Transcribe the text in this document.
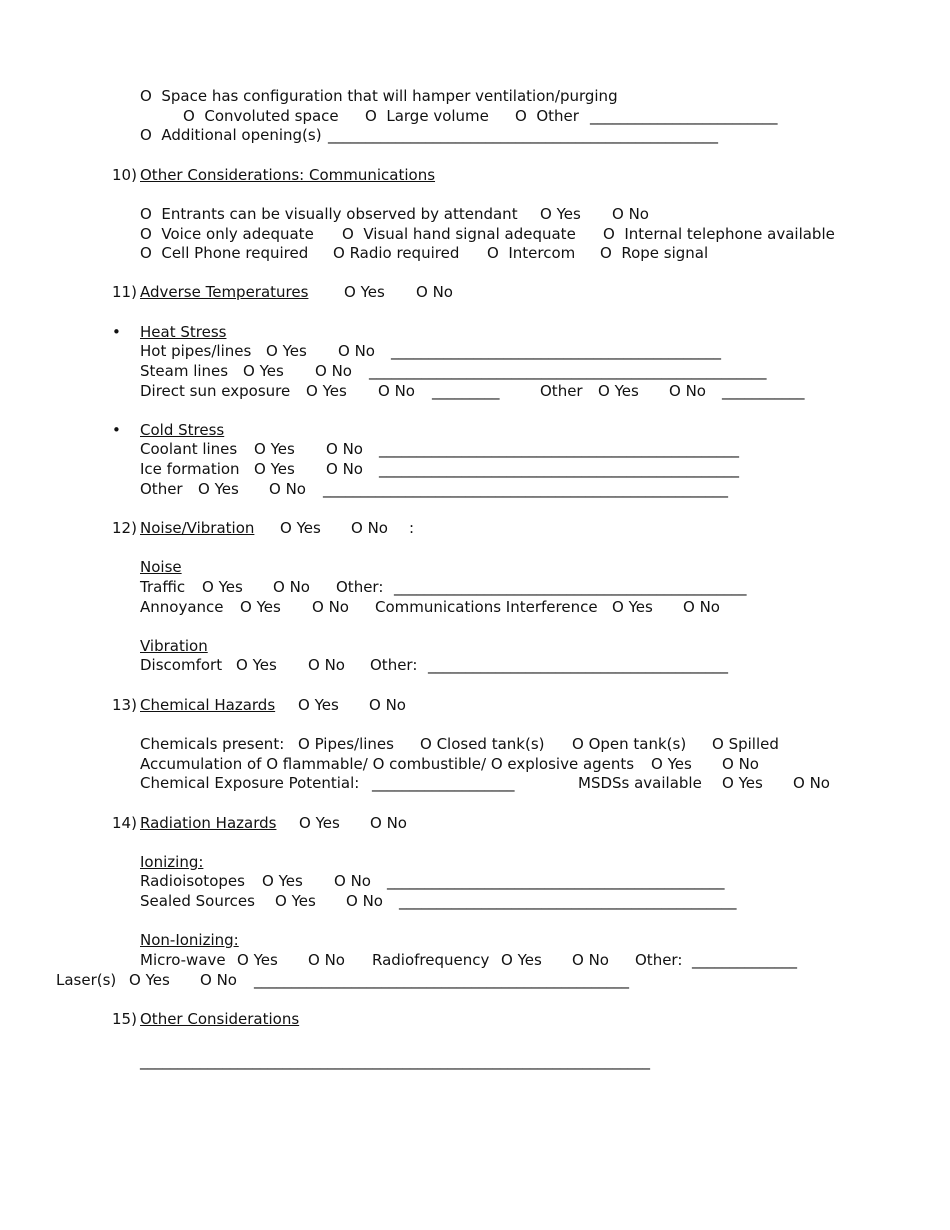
O  Space has configuration that will hamper ventilation/purging
O  Convoluted space O  Large volume O  Other _________________________
O  Additional opening(s) ____________________________________________________
10) Other Considerations: Communications
O  Entrants can be visually observed by attendant O Yes O No
O  Voice only adequate O  Visual hand signal adequate O  Internal telephone available
O  Cell Phone required O Radio required O  Intercom O  Rope signal
11) Adverse Temperatures O Yes O No
• Heat Stress
Hot pipes/lines O Yes O No ____________________________________________
Steam lines O Yes O No _____________________________________________________
Direct sun exposure O Yes O No _________	Other O Yes O No ___________
• Cold Stress
Coolant lines O Yes O No ________________________________________________
Ice formation O Yes O No ________________________________________________
Other O Yes O No ______________________________________________________
12) Noise/Vibration O Yes O No :
Noise
Traffic O Yes O No Other: _______________________________________________
Annoyance O Yes O No Communications Interference O Yes O No
Vibration
Discomfort O Yes O No Other: ________________________________________
13) Chemical Hazards O Yes O No
Chemicals present: O Pipes/lines O Closed tank(s) O Open tank(s) O Spilled
Accumulation of O flammable/ O combustible/ O explosive agents O Yes O No
Chemical Exposure Potential: ___________________	MSDSs available O Yes O No
14) Radiation Hazards O Yes O No
Ionizing:
Radioisotopes O Yes O No _____________________________________________
Sealed Sources O Yes O No _____________________________________________
Non-Ionizing:
Micro-wave O Yes O No Radiofrequency O Yes O No Other: ______________
Laser(s) O Yes O No __________________________________________________
15) Other Considerations
____________________________________________________________________
